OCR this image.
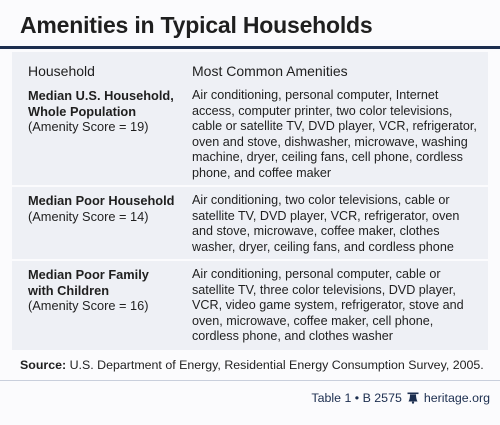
Amenities in Typical Households
Household	Most Common Amenities
Median U.S. Household,
Whole Population
(Amenity Score = 19)
Air conditioning, personal computer, Internet access, computer printer, two color televisions, cable or satellite TV, DVD player, VCR, refrigerator, oven and stove, dishwasher, microwave, washing machine, dryer, ceiling fans, cell phone, cordless phone, and coffee maker
Median Poor Household
(Amenity Score = 14)
Air conditioning, two color televisions, cable or satellite TV, DVD player, VCR, refrigerator, oven and stove, microwave, coffee maker, clothes washer, dryer, ceiling fans, and cordless phone
Median Poor Family
with Children
(Amenity Score = 16)
Air conditioning, personal computer, cable or satellite TV, three color televisions, DVD player, VCR, video game system, refrigerator, stove and oven, microwave, coffee maker, cell phone, cordless phone, and clothes washer
Source: U.S. Department of Energy, Residential Energy Consumption Survey, 2005.
Table 1 • B 2575 heritage.org
